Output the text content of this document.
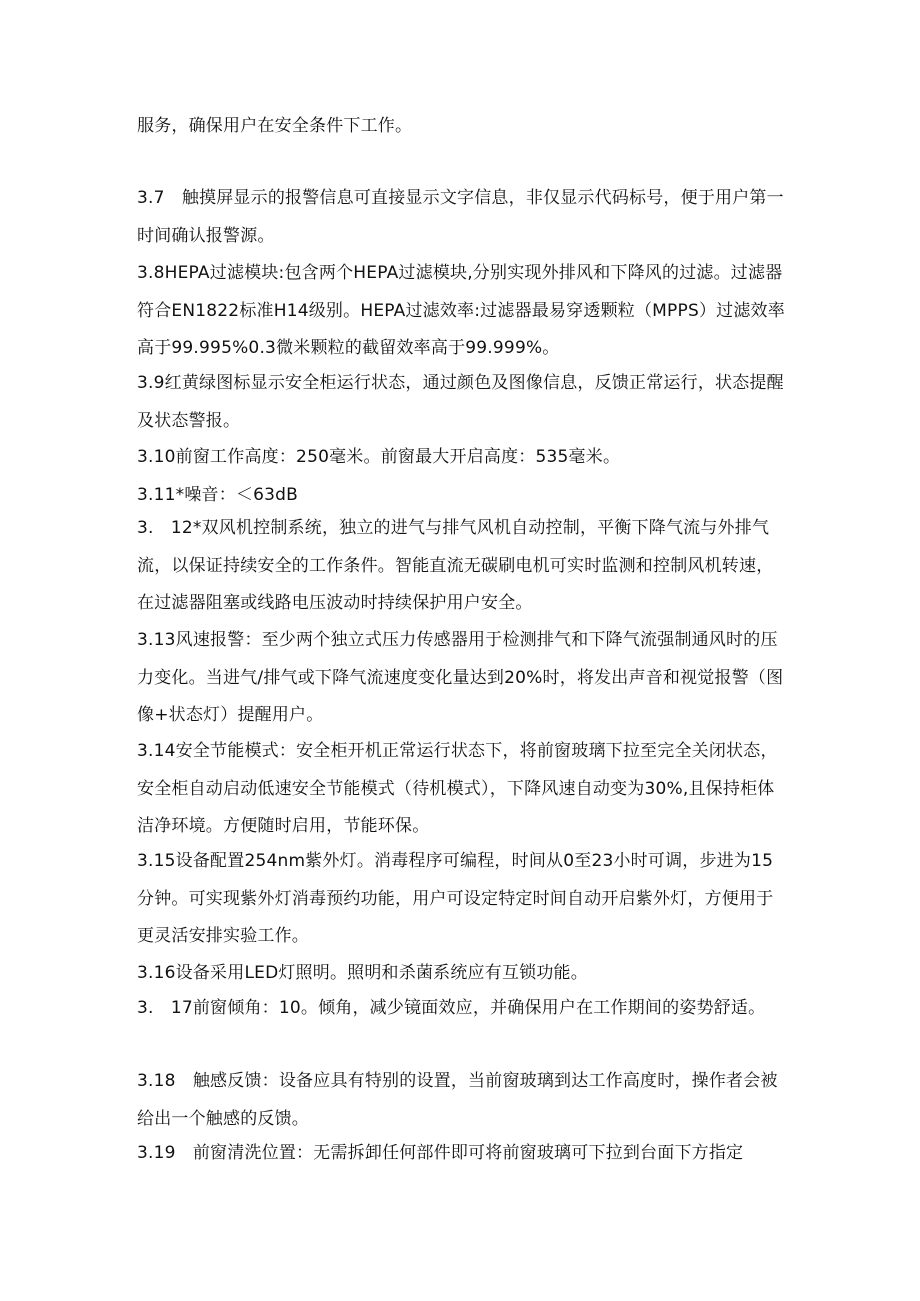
服务，确保用户在安全条件下工作。

3.7　触摸屏显示的报警信息可直接显示文字信息，非仅显示代码标号，便于用户第一时间确认报警源。

3.8HEPA过滤模块:包含两个HEPA过滤模块,分别实现外排风和下降风的过滤。过滤器符合EN1822标准H14级别。HEPA过滤效率:过滤器最易穿透颗粒（MPPS）过滤效率高于99.995%0.3微米颗粒的截留效率高于99.999%。

3.9红黄绿图标显示安全柜运行状态，通过颜色及图像信息，反馈正常运行，状态提醒及状态警报。

3.10前窗工作高度：250毫米。前窗最大开启高度：535毫米。

3.11*噪音：＜63dB

3.　12*双风机控制系统，独立的进气与排气风机自动控制，平衡下降气流与外排气流，以保证持续安全的工作条件。智能直流无碳刷电机可实时监测和控制风机转速，在过滤器阻塞或线路电压波动时持续保护用户安全。

3.13风速报警：至少两个独立式压力传感器用于检测排气和下降气流强制通风时的压力变化。当进气/排气或下降气流速度变化量达到20%时，将发出声音和视觉报警（图像+状态灯）提醒用户。

3.14安全节能模式：安全柜开机正常运行状态下，将前窗玻璃下拉至完全关闭状态，安全柜自动启动低速安全节能模式（待机模式），下降风速自动变为30%,且保持柜体洁净环境。方便随时启用，节能环保。

3.15设备配置254nm紫外灯。消毒程序可编程，时间从0至23小时可调，步进为15分钟。可实现紫外灯消毒预约功能，用户可设定特定时间自动开启紫外灯，方便用于更灵活安排实验工作。

3.16设备采用LED灯照明。照明和杀菌系统应有互锁功能。

3.　17前窗倾角：10。倾角，减少镜面效应，并确保用户在工作期间的姿势舒适。

3.18　触感反馈：设备应具有特别的设置，当前窗玻璃到达工作高度时，操作者会被给出一个触感的反馈。

3.19　前窗清洗位置：无需拆卸任何部件即可将前窗玻璃可下拉到台面下方指定
